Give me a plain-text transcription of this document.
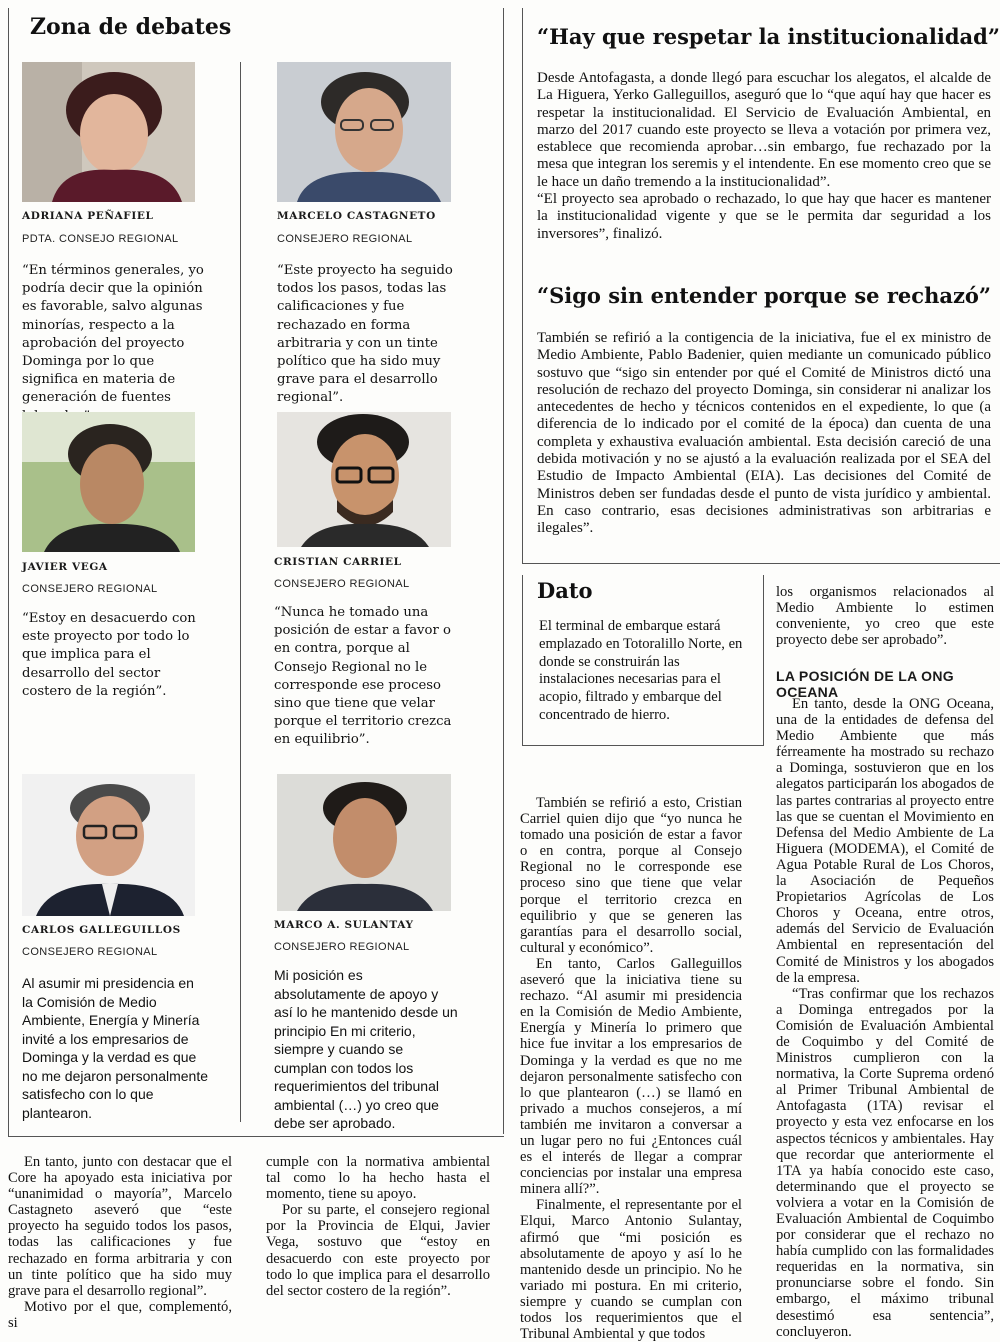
Zona de debates
ADRIANA PEÑAFIEL
PDTA. CONSEJO REGIONAL
“En términos generales, yo podría decir que la opinión es favorable, salvo algunas minorías, respecto a la aprobación del proyecto Dominga por lo que significa en materia de generación de fuentes
MARCELO CASTAGNETO
CONSEJERO REGIONAL
“Este proyecto ha seguido todos los pasos, todas las calificaciones y fue rechazado en forma arbitraria y con un tinte político que ha sido muy grave para el desarrollo regional”.
JAVIER VEGA
CONSEJERO REGIONAL
“Estoy en desacuerdo con este proyecto por todo lo que implica para el desarrollo del sector costero de la región”.
CRISTIAN CARRIEL
CONSEJERO REGIONAL
“Nunca he tomado una posición de estar a favor o en contra, porque al Consejo Regional no le corresponde ese proceso sino que tiene que velar porque el territorio crezca en equilibrio”.
CARLOS GALLEGUILLOS
CONSEJERO REGIONAL
Al asumir mi presidencia en la Comisión de Medio Ambiente, Energía y Minería invité a los empresarios de Dominga y la verdad es que no me dejaron personalmente satisfecho con lo que plantearon.
MARCO A. SULANTAY
CONSEJERO REGIONAL
Mi posición es absolutamente de apoyo y así lo he mantenido desde un principio En mi criterio, siempre y cuando se cumplan con todos los requerimientos del tribunal ambiental (…) yo creo que debe ser aprobado.

En tanto, junto con destacar que el Core ha apoyado esta iniciativa por “unanimidad o mayoría”, Marcelo Castagneto aseveró que “este proyecto ha seguido todos los pasos, todas las calificaciones y fue rechazado en forma arbitraria y con un tinte político que ha sido muy grave para el desarrollo regional”.

Motivo por el que, complementó, si

cumple con la normativa ambiental tal como lo ha hecho hasta el momento, tiene su apoyo.

Por su parte, el consejero regional por la Provincia de Elqui, Javier Vega, sostuvo que “estoy en desacuerdo con este proyecto por todo lo que implica para el desarrollo del sector costero de la región”.

“Hay que respetar la institucionalidad”

Desde Antofagasta, a donde llegó para escuchar los alegatos, el alcalde de La Higuera, Yerko Galleguillos, aseguró que lo “que aquí hay que hacer es respetar la institucionalidad. El Servicio de Evaluación Ambiental, en marzo del 2017 cuando este proyecto se lleva a votación por primera vez, establece que recomienda aprobar…sin embargo, fue rechazado por la mesa que integran los seremis y el intendente. En ese momento creo que se le hace un daño tremendo a la institucionalidad”.

“El proyecto sea aprobado o rechazado, lo que hay que hacer es mantener la institucionalidad vigente y que se le permita dar seguridad a los inversores”, finalizó.

“Sigo sin entender porque se rechazó”

También se refirió a la contigencia de la iniciativa, fue el ex ministro de Medio Ambiente, Pablo Badenier, quien mediante un comunicado público sostuvo que “sigo sin entender por qué el Comité de Ministros dictó una resolución de rechazo del proyecto Dominga, sin considerar ni analizar los antecedentes de hecho y técnicos contenidos en el expediente, lo que (a diferencia de lo indicado por el comité de la época) dan cuenta de una completa y exhaustiva evaluación ambiental. Esta decisión careció de una debida motivación y no se ajustó a la evaluación realizada por el SEA del Estudio de Impacto Ambiental (EIA). Las decisiones del Comité de Ministros deben ser fundadas desde el punto de vista jurídico y ambiental. En caso contrario, esas decisiones administrativas son arbitrarias e ilegales”.

Dato

El terminal de embarque estará emplazado en Totoralillo Norte, en donde se construirán las instalaciones necesarias para el acopio, filtrado y embarque del concentrado de hierro.

También se refirió a esto, Cristian Carriel quien dijo que “yo nunca he tomado una posición de estar a favor o en contra, porque al Consejo Regional no le corresponde ese proceso sino que tiene que velar porque el territorio crezca en equilibrio y que se generen las garantías para el desarrollo social, cultural y económico”.

En tanto, Carlos Galleguillos aseveró que la iniciativa tiene su rechazo. “Al asumir mi presidencia en la Comisión de Medio Ambiente, Energía y Minería lo primero que hice fue invitar a los empresarios de Dominga y la verdad es que no me dejaron personalmente satisfecho con lo que plantearon (…) se llamó en privado a muchos consejeros, a mí también me invitaron a conversar a un lugar pero no fui ¿Entonces cuál es el interés de llegar a comprar conciencias por instalar una empresa minera allí?”.

Finalmente, el representante por el Elqui, Marco Antonio Sulantay, afirmó que “mi posición es absolutamente de apoyo y así lo he mantenido desde un principio. No he variado mi postura. En mi criterio, siempre y cuando se cumplan con todos los requerimientos que el Tribunal Ambiental y que todos

los organismos relacionados al Medio Ambiente lo estimen conveniente, yo creo que este proyecto debe ser aprobado”.

LA POSICIÓN DE LA ONG OCEANA

En tanto, desde la ONG Oceana, una de la entidades de defensa del Medio Ambiente que más férreamente ha mostrado su rechazo a Dominga, sostuvieron que en los alegatos participarán los abogados de las partes contrarias al proyecto entre las que se cuentan el Movimiento en Defensa del Medio Ambiente de La Higuera (MODEMA), el Comité de Agua Potable Rural de Los Choros, la Asociación de Pequeños Propietarios Agrícolas de Los Choros y Oceana, entre otros, además del Servicio de Evaluación Ambiental en representación del Comité de Ministros y los abogados de la empresa.

“Tras confirmar que los rechazos a Dominga entregados por la Comisión de Evaluación Ambiental de Coquimbo y del Comité de Ministros cumplieron con la normativa, la Corte Suprema ordenó al Primer Tribunal Ambiental de Antofagasta (1TA) revisar el proyecto y esta vez enfocarse en los aspectos técnicos y ambientales. Hay que recordar que anteriormente el 1TA ya había conocido este caso, determinando que el proyecto se volviera a votar en la Comisión de Evaluación Ambiental de Coquimbo por considerar que el rechazo no había cumplido con las formalidades requeridas en la normativa, sin pronunciarse sobre el fondo. Sin embargo, el máximo tribunal desestimó esa sentencia”, concluyeron.
